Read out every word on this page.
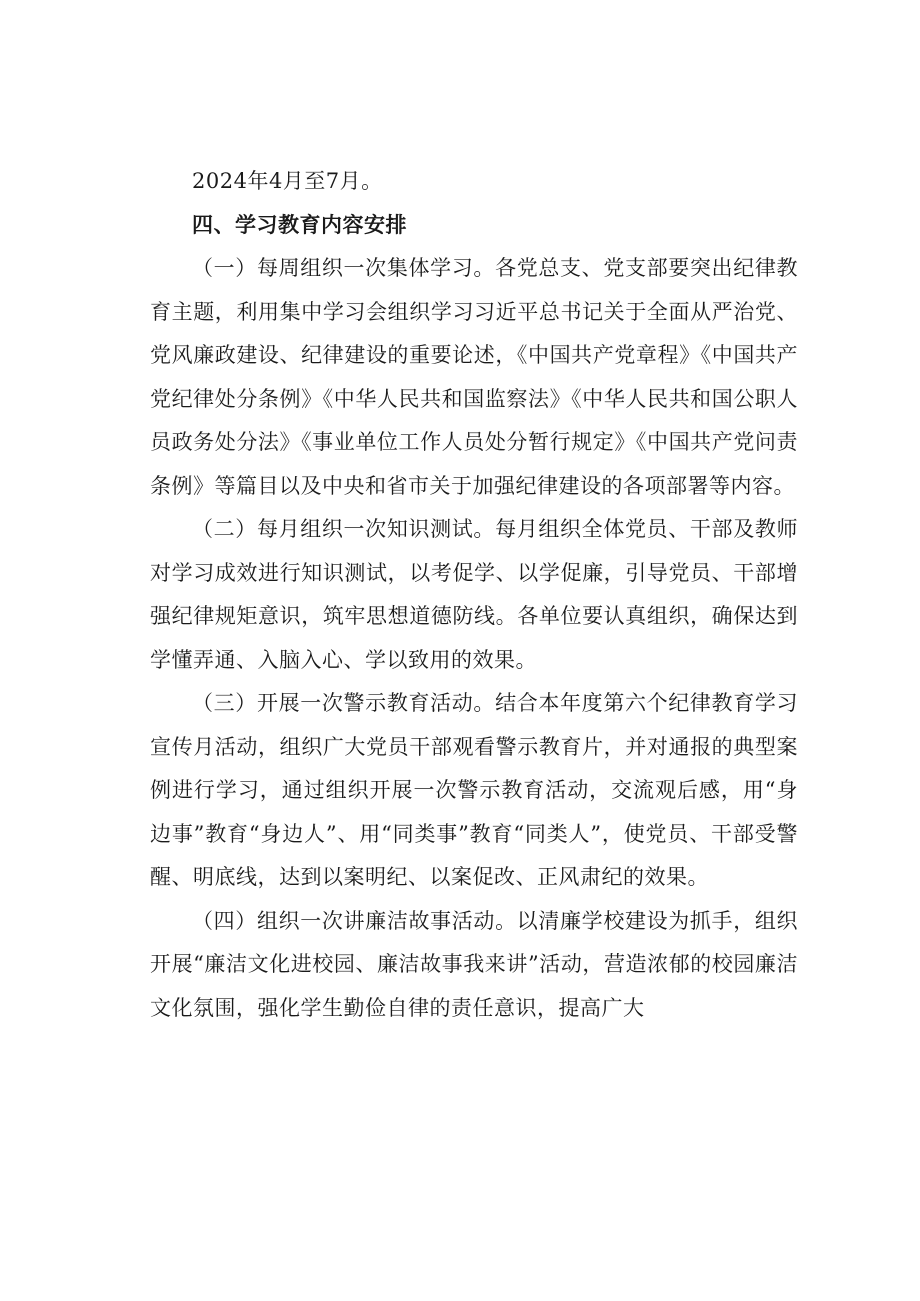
2024年4月至7月。

四、学习教育内容安排

（一）每周组织一次集体学习。各党总支、党支部要突出纪律教育主题，利用集中学习会组织学习习近平总书记关于全面从严治党、党风廉政建设、纪律建设的重要论述，《中国共产党章程》《中国共产党纪律处分条例》《中华人民共和国监察法》《中华人民共和国公职人员政务处分法》《事业单位工作人员处分暂行规定》《中国共产党问责条例》等篇目以及中央和省市关于加强纪律建设的各项部署等内容。

（二）每月组织一次知识测试。每月组织全体党员、干部及教师对学习成效进行知识测试，以考促学、以学促廉，引导党员、干部增强纪律规矩意识，筑牢思想道德防线。各单位要认真组织，确保达到学懂弄通、入脑入心、学以致用的效果。

（三）开展一次警示教育活动。结合本年度第六个纪律教育学习宣传月活动，组织广大党员干部观看警示教育片，并对通报的典型案例进行学习，通过组织开展一次警示教育活动，交流观后感，用“身边事”教育“身边人”、用“同类事”教育“同类人”，使党员、干部受警醒、明底线，达到以案明纪、以案促改、正风肃纪的效果。

（四）组织一次讲廉洁故事活动。以清廉学校建设为抓手，组织开展“廉洁文化进校园、廉洁故事我来讲”活动，营造浓郁的校园廉洁文化氛围，强化学生勤俭自律的责任意识，提高广大
